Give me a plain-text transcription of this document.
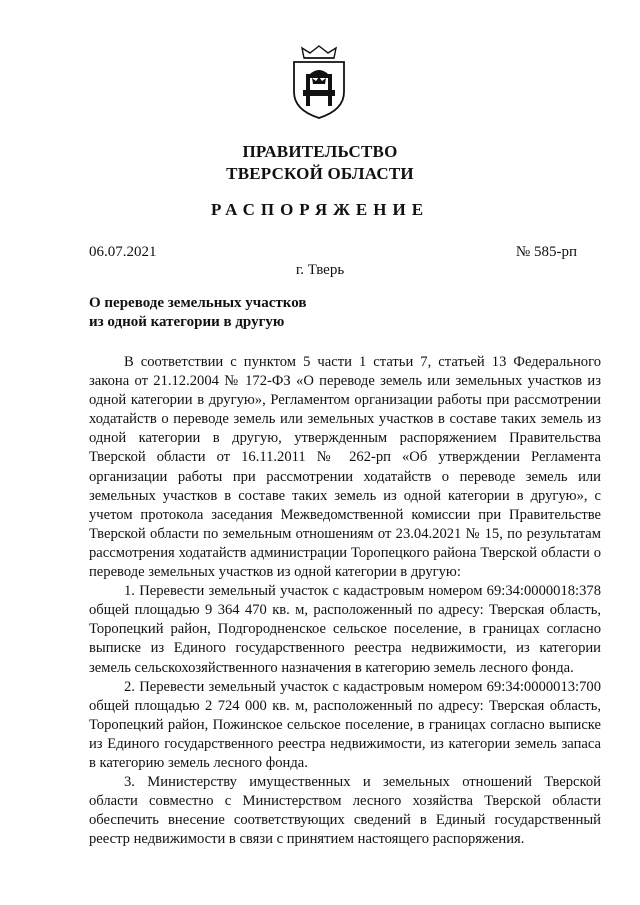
ПРАВИТЕЛЬСТВО
ТВЕРСКОЙ ОБЛАСТИ
РАСПОРЯЖЕНИЕ
06.07.2021	№ 585-рп
г. Тверь
О переводе земельных участков
из одной категории в другую

В соответствии с пунктом 5 части 1 статьи 7, статьей 13 Федерального закона от 21.12.2004 № 172-ФЗ «О переводе земель или земельных участков из одной категории в другую», Регламентом организации работы при рассмотрении ходатайств о переводе земель или земельных участков в составе таких земель из одной категории в другую, утвержденным распоряжением Правительства Тверской области от 16.11.2011 № 262-рп «Об утверждении Регламента организации работы при рассмотрении ходатайств о переводе земель или земельных участков в составе таких земель из одной категории в другую», с учетом протокола заседания Межведомственной комиссии при Правительстве Тверской области по земельным отношениям от 23.04.2021 № 15, по результатам рассмотрения ходатайств администрации Торопецкого района Тверской области о переводе земельных участков из одной категории в другую:

1. Перевести земельный участок с кадастровым номером 69:34:0000018:378 общей площадью 9 364 470 кв. м, расположенный по адресу: Тверская область, Торопецкий район, Подгородненское сельское поселение, в границах согласно выписке из Единого государственного реестра недвижимости, из категории земель сельскохозяйственного назначения в категорию земель лесного фонда.

2. Перевести земельный участок с кадастровым номером 69:34:0000013:700 общей площадью 2 724 000 кв. м, расположенный по адресу: Тверская область, Торопецкий район, Пожинское сельское поселение, в границах согласно выписке из Единого государственного реестра недвижимости, из категории земель запаса в категорию земель лесного фонда.

3. Министерству имущественных и земельных отношений Тверской области совместно с Министерством лесного хозяйства Тверской области обеспечить внесение соответствующих сведений в Единый государственный реестр недвижимости в связи с принятием настоящего распоряжения.
